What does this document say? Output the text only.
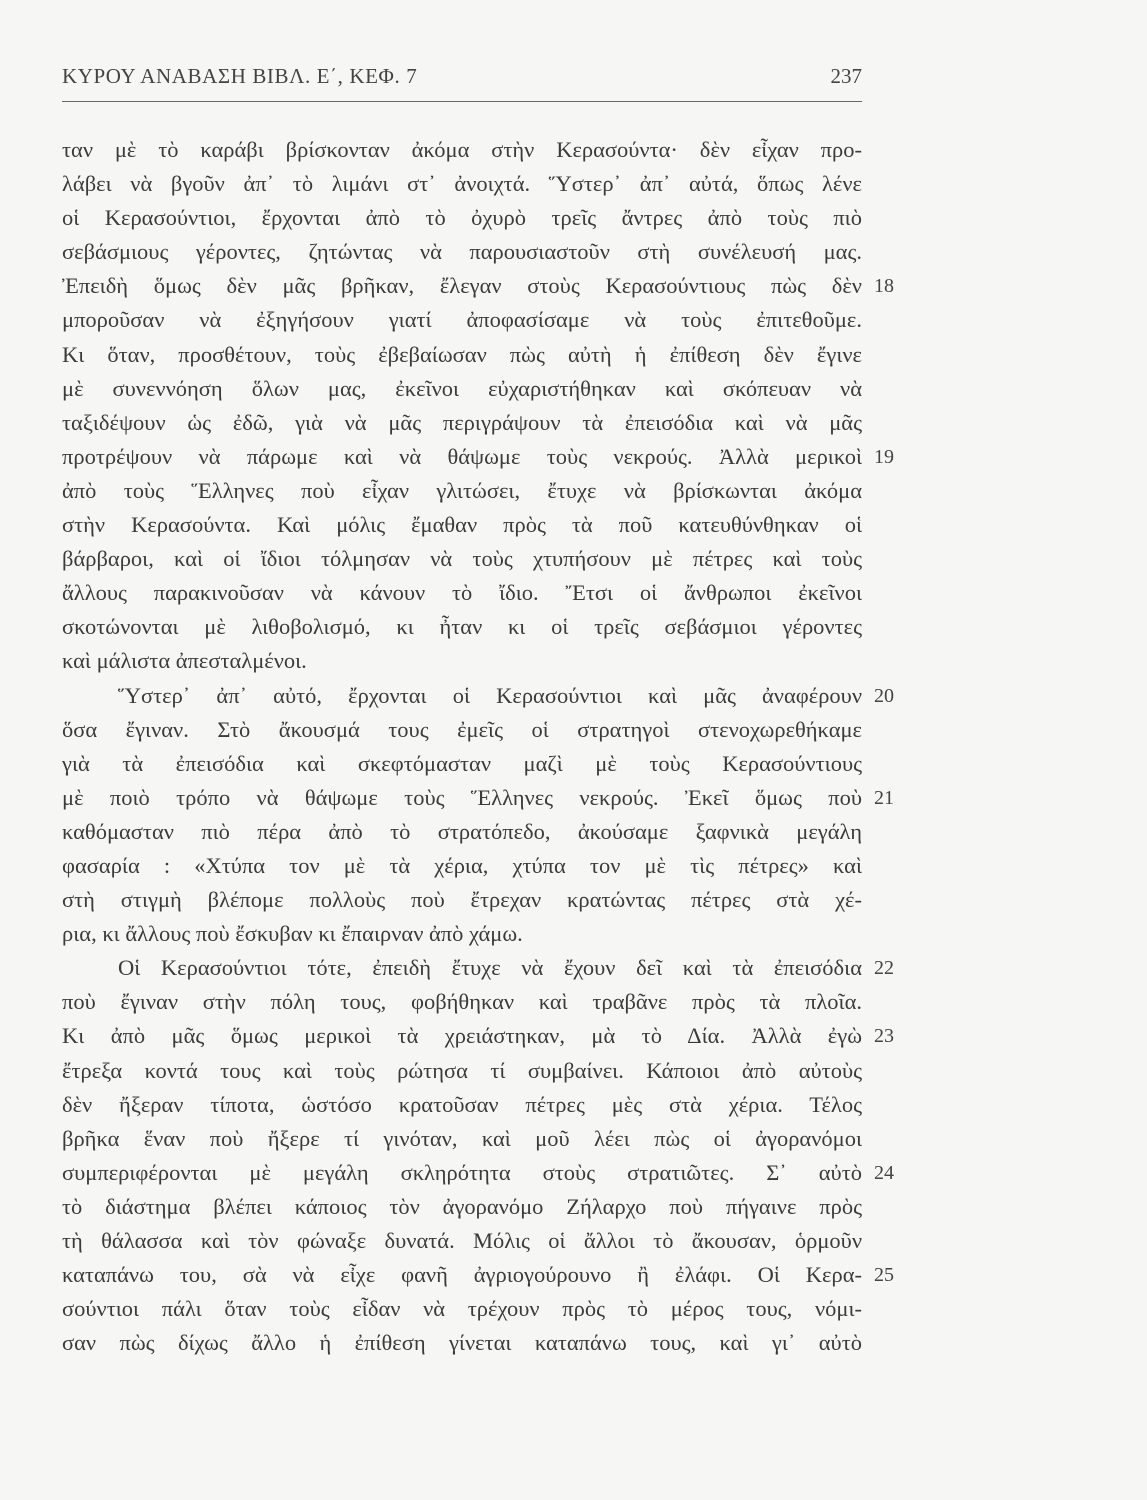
ΚΥΡΟΥ ΑΝΑΒΑΣΗ ΒΙΒΛ. Ε΄, ΚΕΦ. 7	237
ταν μὲ τὸ καράβι βρίσκονταν ἀκόμα στὴν Κερασούντα· δὲν εἶχαν προ-
λάβει νὰ βγοῦν ἀπ᾿ τὸ λιμάνι στ᾿ ἀνοιχτά. Ὕστερ᾿ ἀπ᾿ αὐτά, ὅπως λένε
οἱ Κερασούντιοι, ἔρχονται ἀπὸ τὸ ὀχυρὸ τρεῖς ἄντρες ἀπὸ τοὺς πιὸ
σεβάσμιους γέροντες, ζητώντας νὰ παρουσιαστοῦν στὴ συνέλευσή μας.
Ἐπειδὴ ὅμως δὲν μᾶς βρῆκαν, ἔλεγαν στοὺς Κερασούντιους πὼς δὲν 18
μποροῦσαν νὰ ἐξηγήσουν γιατί ἀποφασίσαμε νὰ τοὺς ἐπιτεθοῦμε.
Κι ὅταν, προσθέτουν, τοὺς ἐβεβαίωσαν πὼς αὐτὴ ἡ ἐπίθεση δὲν ἔγινε
μὲ συνεννόηση ὅλων μας, ἐκεῖνοι εὐχαριστήθηκαν καὶ σκόπευαν νὰ
ταξιδέψουν ὡς ἐδῶ, γιὰ νὰ μᾶς περιγράψουν τὰ ἐπεισόδια καὶ νὰ μᾶς
προτρέψουν νὰ πάρωμε καὶ νὰ θάψωμε τοὺς νεκρούς. Ἀλλὰ μερικοὶ 19
ἀπὸ τοὺς Ἕλληνες ποὺ εἶχαν γλιτώσει, ἔτυχε νὰ βρίσκωνται ἀκόμα
στὴν Κερασούντα. Καὶ μόλις ἔμαθαν πρὸς τὰ ποῦ κατευθύνθηκαν οἱ
βάρβαροι, καὶ οἱ ἴδιοι τόλμησαν νὰ τοὺς χτυπήσουν μὲ πέτρες καὶ τοὺς
ἄλλους παρακινοῦσαν νὰ κάνουν τὸ ἴδιο. Ἔτσι οἱ ἄνθρωποι ἐκεῖνοι
σκοτώνονται μὲ λιθοβολισμό, κι ἦταν κι οἱ τρεῖς σεβάσμιοι γέροντες
καὶ μάλιστα ἀπεσταλμένοι.
Ὕστερ᾿ ἀπ᾿ αὐτό, ἔρχονται οἱ Κερασούντιοι καὶ μᾶς ἀναφέρουν 20
ὅσα ἔγιναν. Στὸ ἄκουσμά τους ἐμεῖς οἱ στρατηγοὶ στενοχωρεθήκαμε
γιὰ τὰ ἐπεισόδια καὶ σκεφτόμασταν μαζὶ μὲ τοὺς Κερασούντιους
μὲ ποιὸ τρόπο νὰ θάψωμε τοὺς Ἕλληνες νεκρούς. Ἐκεῖ ὅμως ποὺ 21
καθόμασταν πιὸ πέρα ἀπὸ τὸ στρατόπεδο, ἀκούσαμε ξαφνικὰ μεγάλη
φασαρία : «Χτύπα τον μὲ τὰ χέρια, χτύπα τον μὲ τὶς πέτρες» καὶ
στὴ στιγμὴ βλέπομε πολλοὺς ποὺ ἔτρεχαν κρατώντας πέτρες στὰ χέ-
ρια, κι ἄλλους ποὺ ἔσκυβαν κι ἔπαιρναν ἀπὸ χάμω.
Οἱ Κερασούντιοι τότε, ἐπειδὴ ἔτυχε νὰ ἔχουν δεῖ καὶ τὰ ἐπεισόδια 22
ποὺ ἔγιναν στὴν πόλη τους, φοβήθηκαν καὶ τραβᾶνε πρὸς τὰ πλοῖα.
Κι ἀπὸ μᾶς ὅμως μερικοὶ τὰ χρειάστηκαν, μὰ τὸ Δία. Ἀλλὰ ἐγὼ 23
ἔτρεξα κοντά τους καὶ τοὺς ρώτησα τί συμβαίνει. Κάποιοι ἀπὸ αὐτοὺς
δὲν ἤξεραν τίποτα, ὡστόσο κρατοῦσαν πέτρες μὲς στὰ χέρια. Τέλος
βρῆκα ἕναν ποὺ ἤξερε τί γινόταν, καὶ μοῦ λέει πὼς οἱ ἀγορανόμοι
συμπεριφέρονται μὲ μεγάλη σκληρότητα στοὺς στρατιῶτες. Σ᾿ αὐτὸ 24
τὸ διάστημα βλέπει κάποιος τὸν ἀγορανόμο Ζήλαρχο ποὺ πήγαινε πρὸς
τὴ θάλασσα καὶ τὸν φώναξε δυνατά. Μόλις οἱ ἄλλοι τὸ ἄκουσαν, ὁρμοῦν
καταπάνω του, σὰ νὰ εἶχε φανῆ ἀγριογούρουνο ἢ ἐλάφι. Οἱ Κερα- 25
σούντιοι πάλι ὅταν τοὺς εἶδαν νὰ τρέχουν πρὸς τὸ μέρος τους, νόμι-
σαν πὼς δίχως ἄλλο ἡ ἐπίθεση γίνεται καταπάνω τους, καὶ γι᾿ αὐτὸ
